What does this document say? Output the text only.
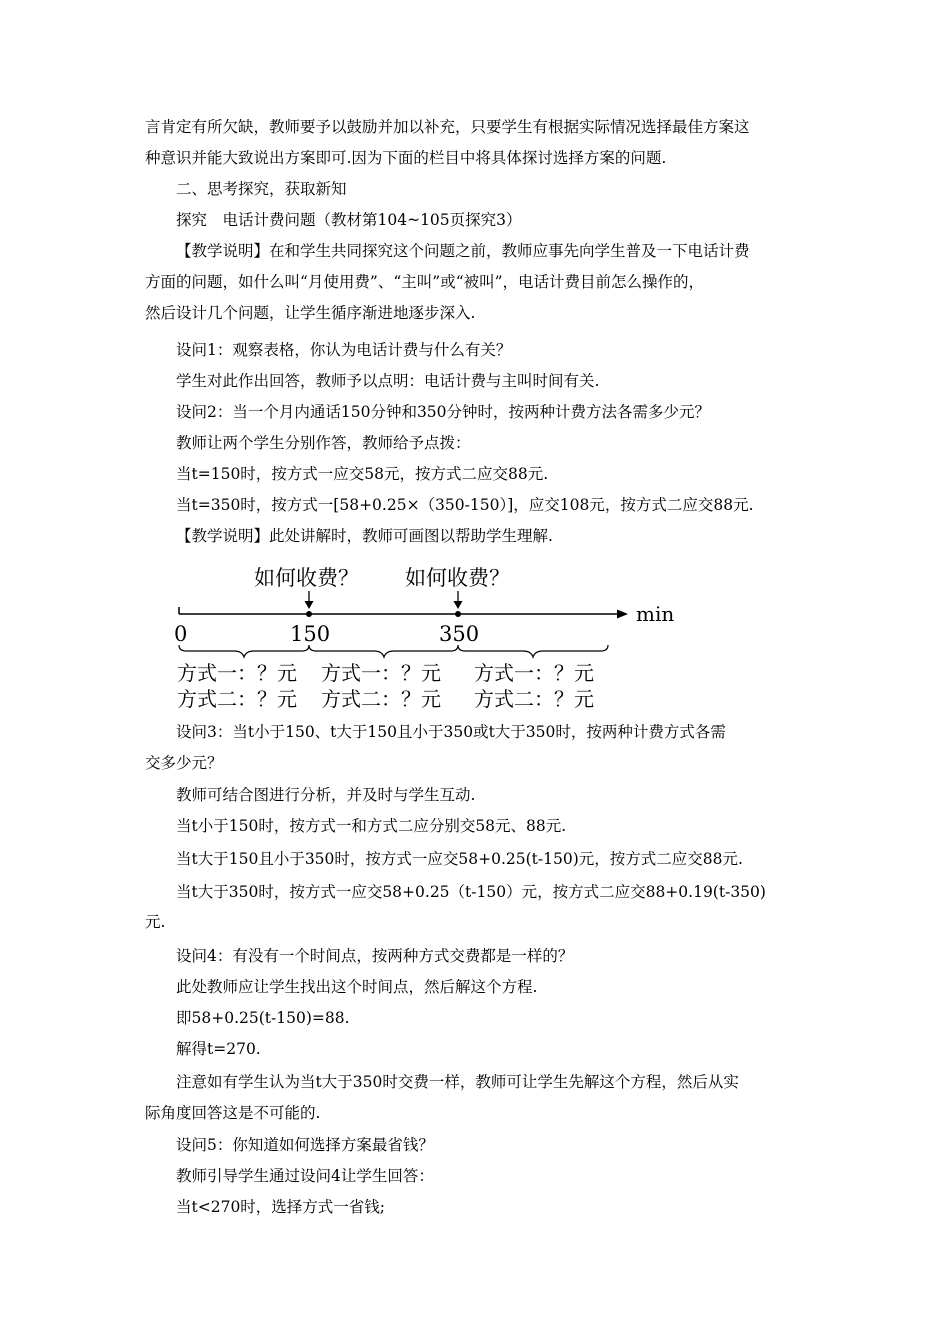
言肯定有所欠缺，教师要予以鼓励并加以补充，只要学生有根据实际情况选择最佳方案这
种意识并能大致说出方案即可.因为下面的栏目中将具体探讨选择方案的问题.
二、思考探究，获取新知
探究　电话计费问题（教材第104~105页探究3）
【教学说明】在和学生共同探究这个问题之前，教师应事先向学生普及一下电话计费
方面的问题，如什么叫“月使用费”、“主叫”或“被叫”，电话计费目前怎么操作的，
然后设计几个问题，让学生循序渐进地逐步深入.
设问1：观察表格，你认为电话计费与什么有关？
学生对此作出回答，教师予以点明：电话计费与主叫时间有关.
设问2：当一个月内通话150分钟和350分钟时，按两种计费方法各需多少元？
教师让两个学生分别作答，教师给予点拨：
当t=150时，按方式一应交58元，按方式二应交88元.
当t=350时，按方式一[58+0.25×（350-150）]，应交108元，按方式二应交88元.
【教学说明】此处讲解时，教师可画图以帮助学生理解.
如何收费？ 如何收费？
min
0	150	350
方式一：？元
方式二：？元
方式一：？元
方式二：？元
方式一：？元
方式二：？元
设问3：当t小于150、t大于150且小于350或t大于350时，按两种计费方式各需
交多少元？
教师可结合图进行分析，并及时与学生互动.
当t小于150时，按方式一和方式二应分别交58元、88元.
当t大于150且小于350时，按方式一应交58+0.25(t-150)元，按方式二应交88元.
当t大于350时，按方式一应交58+0.25（t-150）元，按方式二应交88+0.19(t-350)
元.
设问4：有没有一个时间点，按两种方式交费都是一样的？
此处教师应让学生找出这个时间点，然后解这个方程.
即58+0.25(t-150)=88.
解得t=270.
注意如有学生认为当t大于350时交费一样，教师可让学生先解这个方程，然后从实
际角度回答这是不可能的.
设问5：你知道如何选择方案最省钱？
教师引导学生通过设问4让学生回答：
当t<270时，选择方式一省钱;
